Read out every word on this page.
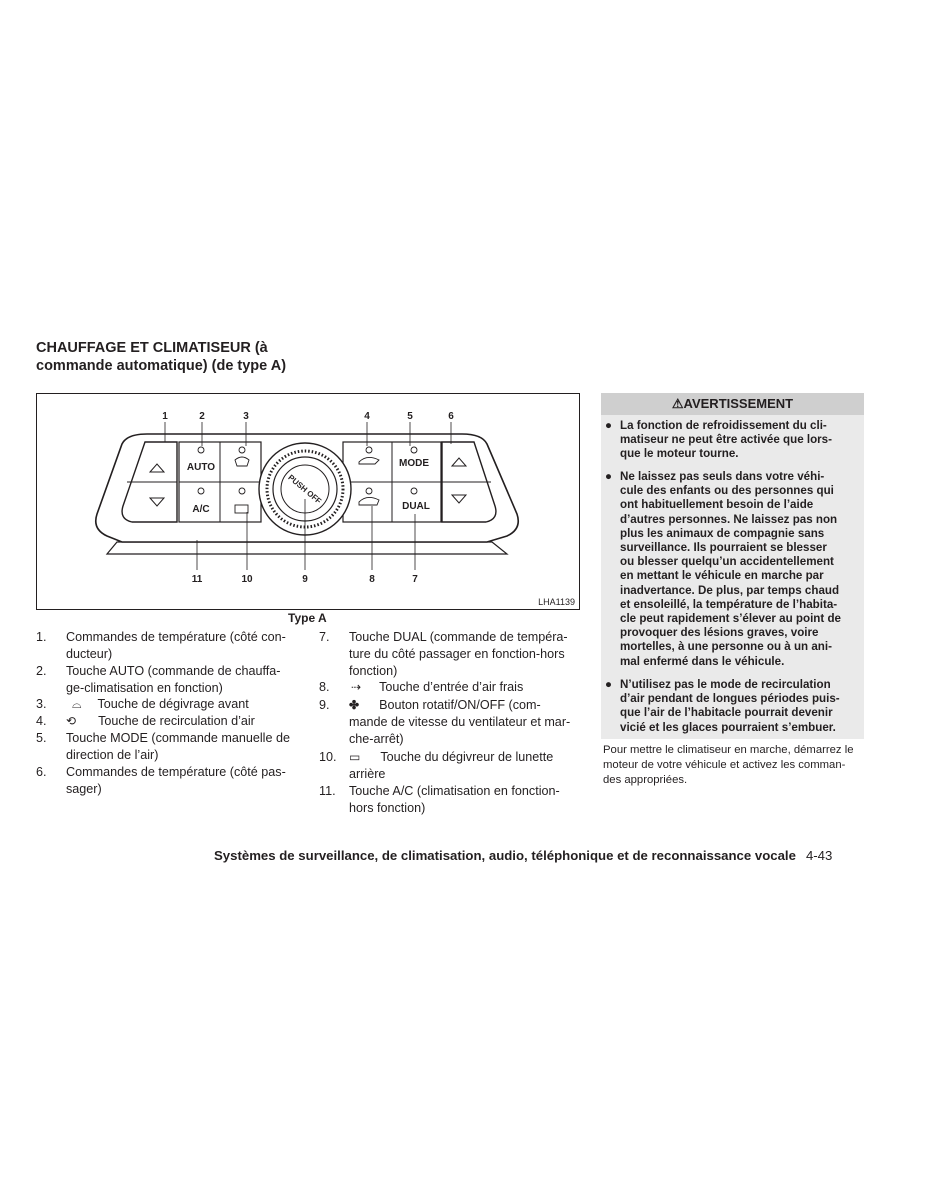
CHAUFFAGE ET CLIMATISEUR (à
commande automatique) (de type A)
AUTO
A/C
MODE
DUAL
PUSH OFF
1	2	3	4	5	6
11	10	9	8	7
LHA1139
Type A
1. Commandes de température (côté con-
ducteur)
2. Touche AUTO (commande de chauffa-
ge-climatisation en fonction)
3. ⌓ Touche de dégivrage avant
4. ⟲ Touche de recirculation d’air
5. Touche MODE (commande manuelle de
direction de l’air)
6. Commandes de température (côté pas-
sager)
7. Touche DUAL (commande de tempéra-
ture du côté passager en fonction-hors
fonction)
8. ⇢ Touche d’entrée d’air frais
9. ✤ Bouton rotatif/ON/OFF (com-
mande de vitesse du ventilateur et mar-
che-arrêt)
10. ▭ Touche du dégivreur de lunette
arrière
11. Touche A/C (climatisation en fonction-
hors fonction)
⚠AVERTISSEMENT
● La fonction de refroidissement du cli-
matiseur ne peut être activée que lors-
que le moteur tourne.
● Ne laissez pas seuls dans votre véhi-
cule des enfants ou des personnes qui
ont habituellement besoin de l’aide
d’autres personnes. Ne laissez pas non
plus les animaux de compagnie sans
surveillance. Ils pourraient se blesser
ou blesser quelqu’un accidentellement
en mettant le véhicule en marche par
inadvertance. De plus, par temps chaud
et ensoleillé, la température de l’habita-
cle peut rapidement s’élever au point de
provoquer des lésions graves, voire
mortelles, à une personne ou à un ani-
mal enfermé dans le véhicule.
● N’utilisez pas le mode de recirculation
d’air pendant de longues périodes puis-
que l’air de l’habitacle pourrait devenir
vicié et les glaces pourraient s’embuer.
Pour mettre le climatiseur en marche, démarrez le
moteur de votre véhicule et activez les comman-
des appropriées.
Systèmes de surveillance, de climatisation, audio, téléphonique et de reconnaissance vocale 4-43
